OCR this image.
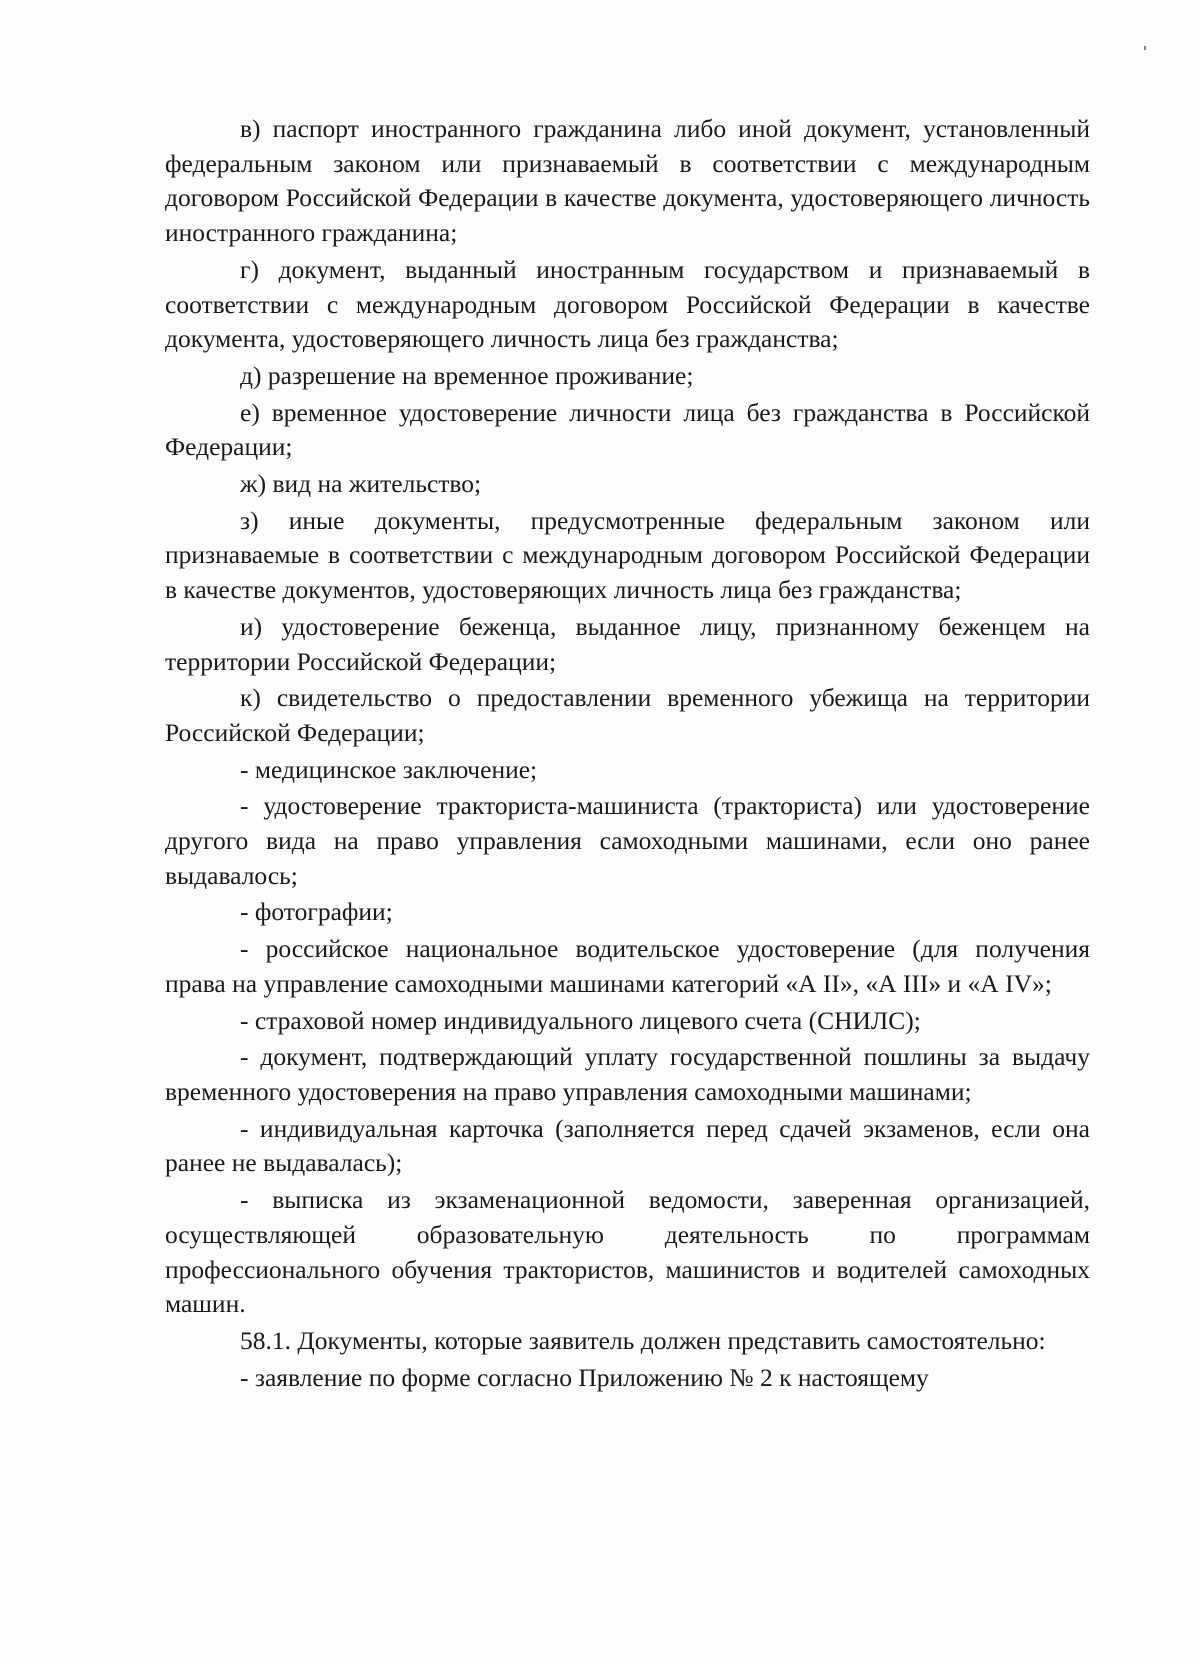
в) паспорт иностранного гражданина либо иной документ, установленный федеральным законом или признаваемый в соответствии с международным договором Российской Федерации в качестве документа, удостоверяющего личность иностранного гражданина;

г) документ, выданный иностранным государством и признаваемый в соответствии с международным договором Российской Федерации в качестве документа, удостоверяющего личность лица без гражданства;

д) разрешение на временное проживание;

е) временное удостоверение личности лица без гражданства в Российской Федерации;

ж) вид на жительство;

з) иные документы, предусмотренные федеральным законом или признаваемые в соответствии с международным договором Российской Федерации в качестве документов, удостоверяющих личность лица без гражданства;

и) удостоверение беженца, выданное лицу, признанному беженцем на территории Российской Федерации;

к) свидетельство о предоставлении временного убежища на территории Российской Федерации;

- медицинское заключение;

- удостоверение тракториста-машиниста (тракториста) или удостоверение другого вида на право управления самоходными машинами, если оно ранее выдавалось;

- фотографии;

- российское национальное водительское удостоверение (для получения права на управление самоходными машинами категорий «А II», «А III» и «А IV»;

- страховой номер индивидуального лицевого счета (СНИЛС);

- документ, подтверждающий уплату государственной пошлины за выдачу временного удостоверения на право управления самоходными машинами;

- индивидуальная карточка (заполняется перед сдачей экзаменов, если она ранее не выдавалась);

- выписка из экзаменационной ведомости, заверенная организацией, осуществляющей образовательную деятельность по программам профессионального обучения трактористов, машинистов и водителей самоходных машин.

58.1. Документы, которые заявитель должен представить самостоятельно:

- заявление по форме согласно Приложению № 2 к настоящему
